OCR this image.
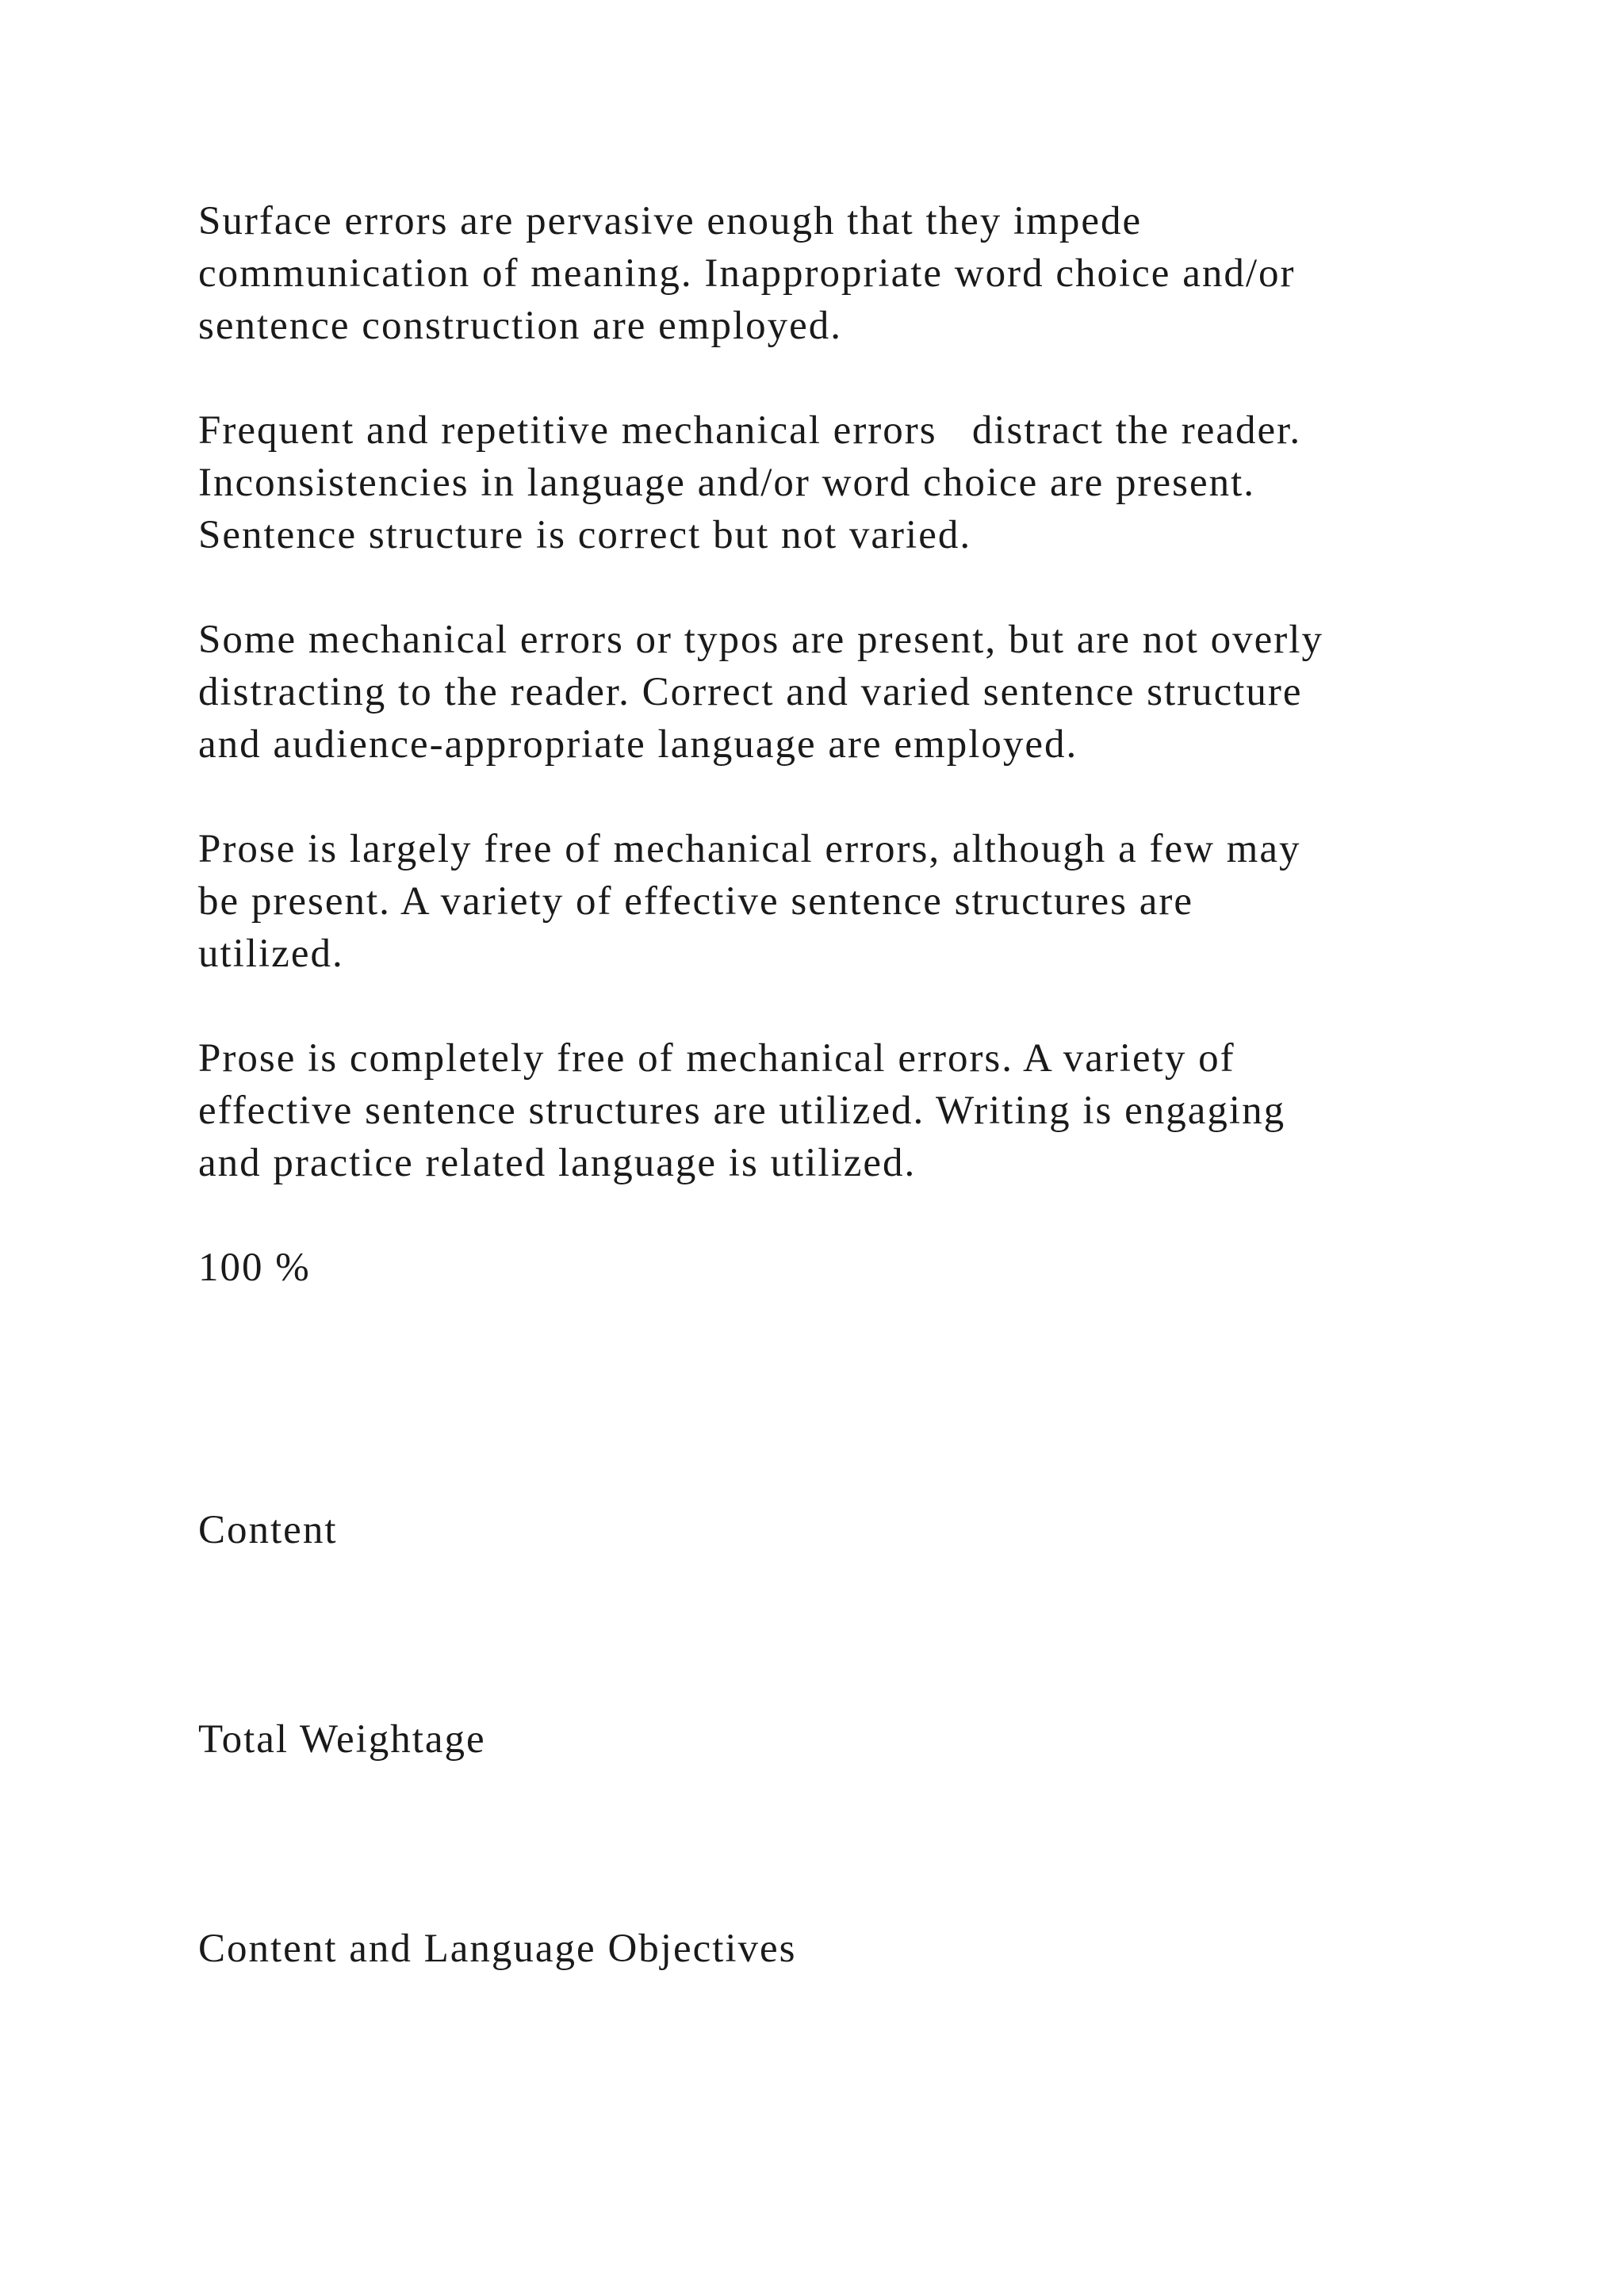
Surface errors are pervasive enough that they impede
communication of meaning. Inappropriate word choice and/or
sentence construction are employed.
Frequent and repetitive mechanical errors   distract the reader.
Inconsistencies in language and/or word choice are present.
Sentence structure is correct but not varied.
Some mechanical errors or typos are present, but are not overly
distracting to the reader. Correct and varied sentence structure
and audience-appropriate language are employed.
Prose is largely free of mechanical errors, although a few may
be present. A variety of effective sentence structures are
utilized.
Prose is completely free of mechanical errors. A variety of
effective sentence structures are utilized. Writing is engaging
and practice related language is utilized.
100 %
Content
Total Weightage
Content and Language Objectives
